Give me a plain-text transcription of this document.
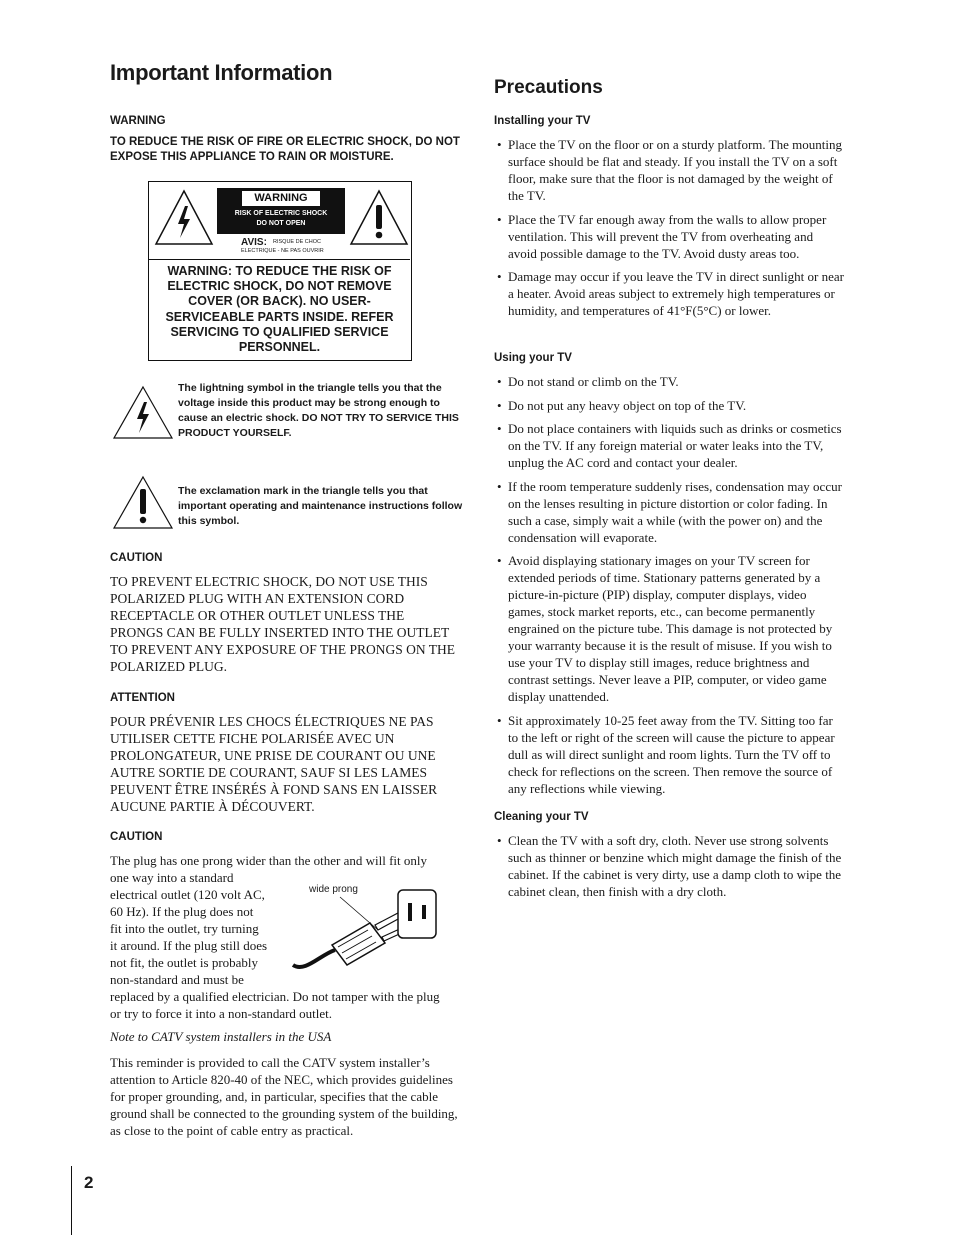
Important Information
WARNING
TO REDUCE THE RISK OF FIRE OR ELECTRIC SHOCK, DO NOT EXPOSE THIS APPLIANCE TO RAIN OR MOISTURE.
WARNING
RISK OF ELECTRIC SHOCK
DO NOT OPEN
AVIS: RISQUE DE CHOC
ELECTRIQUE - NE PAS OUVRIR
WARNING: TO REDUCE THE RISK OF ELECTRIC SHOCK, DO NOT REMOVE COVER (OR BACK). NO USER-SERVICEABLE PARTS INSIDE. REFER SERVICING TO QUALIFIED SERVICE PERSONNEL.
The lightning symbol in the triangle tells you that the voltage inside this product may be strong enough to cause an electric shock. DO NOT TRY TO SERVICE THIS PRODUCT YOURSELF.
The exclamation mark in the triangle tells you that important operating and maintenance instructions follow this symbol.
CAUTION
TO PREVENT ELECTRIC SHOCK, DO NOT USE THIS POLARIZED PLUG WITH AN EXTENSION CORD RECEPTACLE OR OTHER OUTLET UNLESS THE PRONGS CAN BE FULLY INSERTED INTO THE OUTLET TO PREVENT ANY EXPOSURE OF THE PRONGS ON THE POLARIZED PLUG.
ATTENTION
POUR PRÉVENIR LES CHOCS ÉLECTRIQUES NE PAS UTILISER CETTE FICHE POLARISÉE AVEC UN PROLONGATEUR, UNE PRISE DE COURANT OU UNE AUTRE SORTIE DE COURANT, SAUF SI LES LAMES PEUVENT ÊTRE INSÉRÉS À FOND SANS EN LAISSER AUCUNE PARTIE À DÉCOUVERT.
CAUTION
The plug has one prong wider than the other and will fit only
one way into a standard
electrical outlet (120 volt AC,
60 Hz). If the plug does not
fit into the outlet, try turning
it around. If the plug still does
not fit, the outlet is probably
non-standard and must be
replaced by a qualified electrician. Do not tamper with the plug
or try to force it into a non-standard outlet.
wide prong
Note to CATV system installers in the USA
This reminder is provided to call the CATV system installer’s attention to Article 820-40 of the NEC, which provides guidelines for proper grounding, and, in particular, specifies that the cable ground shall be connected to the grounding system of the building, as close to the point of cable entry as practical.
2
Precautions
Installing your TV
• Place the TV on the floor or on a sturdy platform. The mounting surface should be flat and steady. If you install the TV on a soft floor, make sure that the floor is not damaged by the weight of the TV.
• Place the TV far enough away from the walls to allow proper ventilation. This will prevent the TV from overheating and avoid possible damage to the TV. Avoid dusty areas too.
• Damage may occur if you leave the TV in direct sunlight or near a heater. Avoid areas subject to extremely high temperatures or humidity, and temperatures of 41°F(5°C) or lower.
Using your TV
• Do not stand or climb on the TV.
• Do not put any heavy object on top of the TV.
• Do not place containers with liquids such as drinks or cosmetics on the TV. If any foreign material or water leaks into the TV, unplug the AC cord and contact your dealer.
• If the room temperature suddenly rises, condensation may occur on the lenses resulting in picture distortion or color fading. In such a case, simply wait a while (with the power on) and the condensation will evaporate.
• Avoid displaying stationary images on your TV screen for extended periods of time. Stationary patterns generated by a picture-in-picture (PIP) display, computer displays, video games, stock market reports, etc., can become permanently engrained on the picture tube. This damage is not protected by your warranty because it is the result of misuse. If you wish to use your TV to display still images, reduce brightness and contrast settings. Never leave a PIP, computer, or video game display unattended.
• Sit approximately 10-25 feet away from the TV. Sitting too far to the left or right of the screen will cause the picture to appear dull as will direct sunlight and room lights. Turn the TV off to check for reflections on the screen. Then remove the source of any reflections while viewing.
Cleaning your TV
• Clean the TV with a soft dry, cloth. Never use strong solvents such as thinner or benzine which might damage the finish of the cabinet. If the cabinet is very dirty, use a damp cloth to wipe the cabinet clean, then finish with a dry cloth.
